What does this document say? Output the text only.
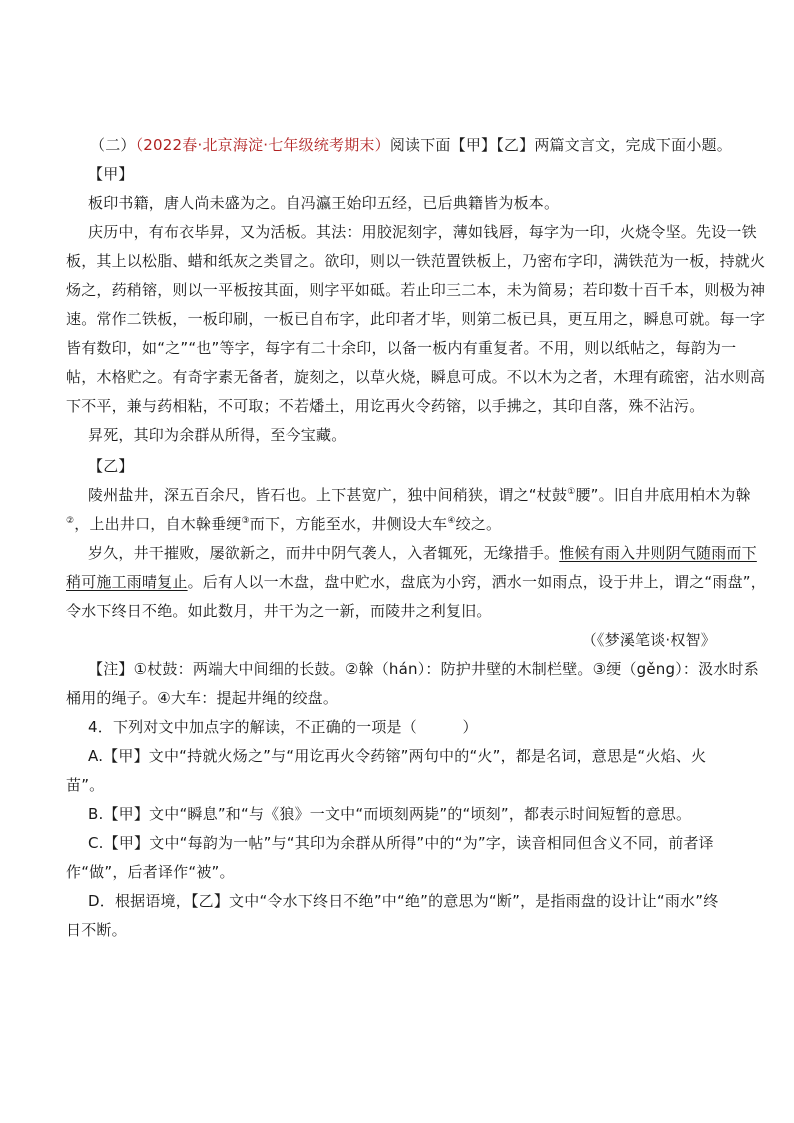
（二）（2022春·北京海淀·七年级统考期末）阅读下面【甲】【乙】两篇文言文，完成下面小题。
【甲】
板印书籍，唐人尚未盛为之。自冯瀛王始印五经，已后典籍皆为板本。
庆历中，有布衣毕昇，又为活板。其法：用胶泥刻字，薄如钱唇，每字为一印，火烧令坚。先设一铁
板，其上以松脂、蜡和纸灰之类冒之。欲印，则以一铁范置铁板上，乃密布字印，满铁范为一板，持就火
炀之，药稍镕，则以一平板按其面，则字平如砥。若止印三二本，未为简易；若印数十百千本，则极为神
速。常作二铁板，一板印刷，一板已自布字，此印者才毕，则第二板已具，更互用之，瞬息可就。每一字
皆有数印，如“之”“也”等字，每字有二十余印，以备一板内有重复者。不用，则以纸帖之，每韵为一
帖，木格贮之。有奇字素无备者，旋刻之，以草火烧，瞬息可成。不以木为之者，木理有疏密，沾水则高
下不平，兼与药相粘，不可取；不若燔土，用讫再火令药镕，以手拂之，其印自落，殊不沾污。
昇死，其印为余群从所得，至今宝藏。
【乙】
陵州盐井，深五百余尺，皆石也。上下甚宽广，独中间稍狭，谓之“杖鼓①腰”。旧自井底用柏木为榦
②，上出井口，自木榦垂绠③而下，方能至水，井侧设大车④绞之。
岁久，井干摧败，屡欲新之，而井中阴气袭人，入者辄死，无缘措手。惟候有雨入井则阴气随雨而下
稍可施工雨晴复止。后有人以一木盘，盘中贮水，盘底为小窍，洒水一如雨点，设于井上，谓之“雨盘”，
令水下终日不绝。如此数月，井干为之一新，而陵井之利复旧。
（《梦溪笔谈·权智》
【注】①杖鼓：两端大中间细的长鼓。②榦（hán）：防护井壁的木制栏壁。③绠（gěng）：汲水时系
桶用的绳子。④大车：提起井绳的绞盘。
4．下列对文中加点字的解读，不正确的一项是（　　　）
A.【甲】文中“持就火炀之”与“用讫再火令药镕”两句中的“火”，都是名词，意思是“火焰、火
苗”。
B.【甲】文中“瞬息”和“与《狼》一文中“而顷刻两毙”的“顷刻”，都表示时间短暂的意思。
C.【甲】文中“每韵为一帖”与“其印为余群从所得”中的“为”字，读音相同但含义不同，前者译
作“做”，后者译作“被”。
D．根据语境，【乙】文中“令水下终日不绝”中“绝”的意思为“断”，是指雨盘的设计让“雨水”终
日不断。
